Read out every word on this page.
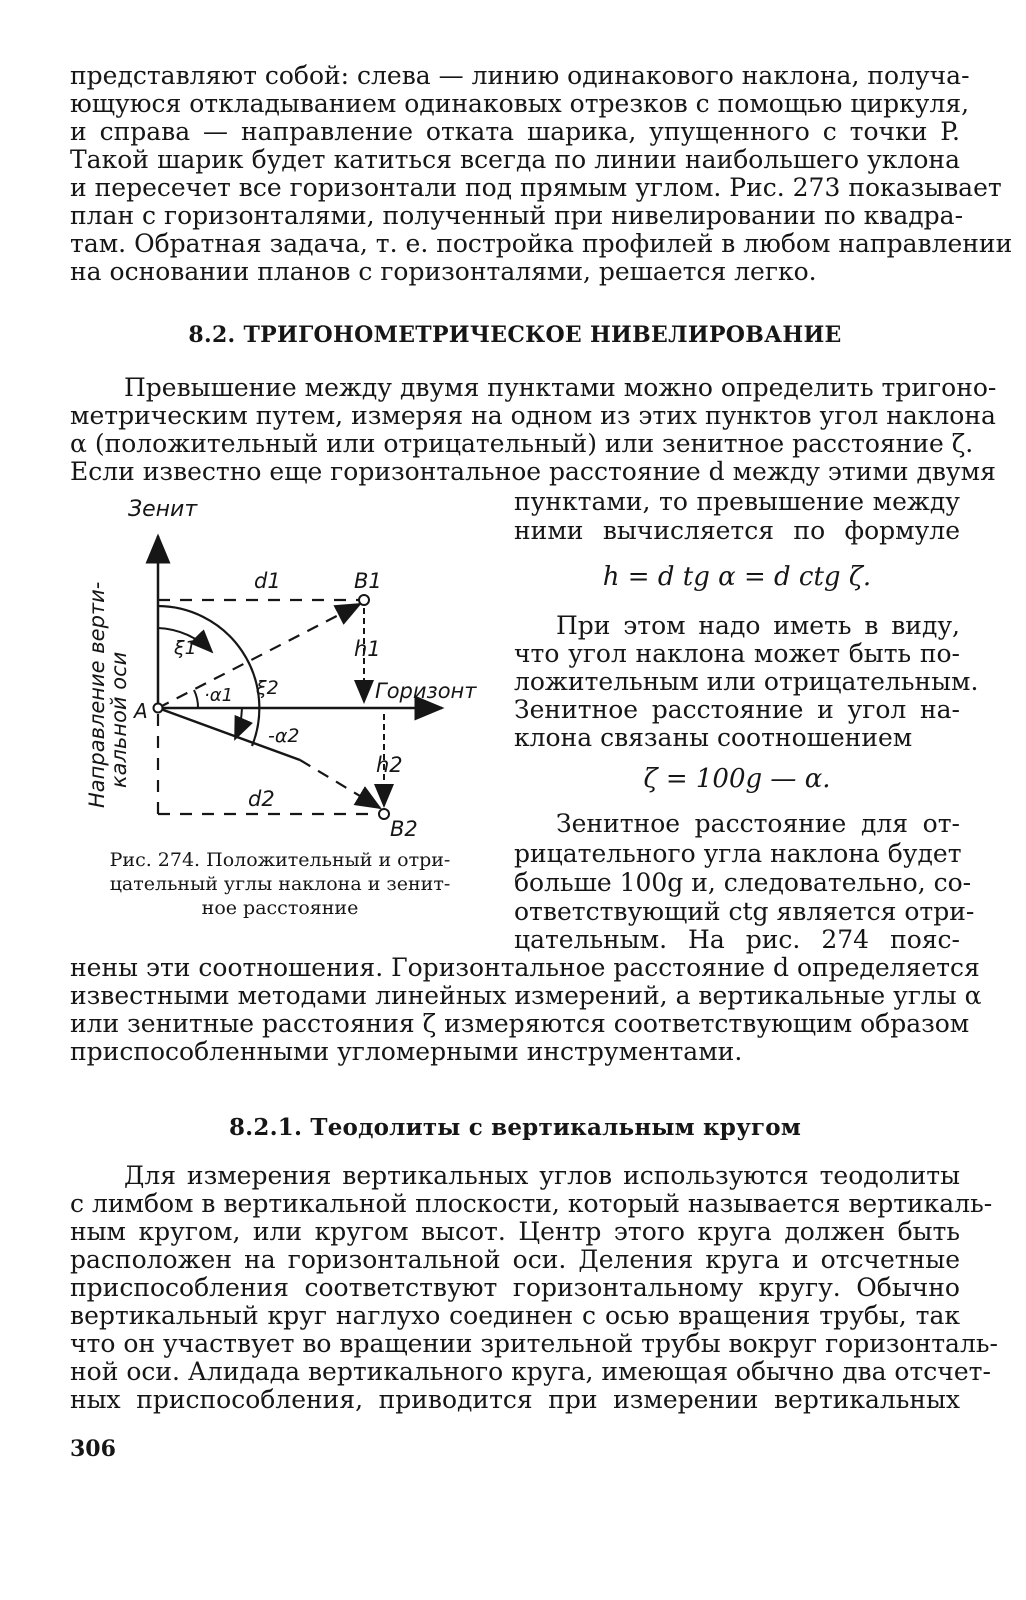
представляют собой: слева — линию одинакового наклона, получа-

ющуюся откладыванием одинаковых отрезков с помощью циркуля,

и справа — направление отката шарика, упущенного с точки P.

Такой шарик будет катиться всегда по линии наибольшего уклона

и пересечет все горизонтали под прямым углом. Рис. 273 показывает

план с горизонталями, полученный при нивелировании по квадра-

там. Обратная задача, т. е. постройка профилей в любом направлении

на основании планов с горизонталями, решается легко.

8.2. ТРИГОНОМЕТРИЧЕСКОЕ НИВЕЛИРОВАНИЕ

Превышение между двумя пунктами можно определить тригоно-

метрическим путем, измеряя на одном из этих пунктов угол наклона

α (положительный или отрицательный) или зенитное расстояние ζ.

Если известно еще горизонтальное расстояние d между этими двумя

пунктами, то превышение между

ними вычисляется по формуле

h = d tg α = d ctg ζ.

При этом надо иметь в виду,

что угол наклона может быть по-

ложительным или отрицательным.

Зенитное расстояние и угол на-

клона связаны соотношением

ζ = 100g — α.

Зенитное расстояние для от-

рицательного угла наклона будет

больше 100g и, следовательно, со-

ответствующий ctg является отри-

цательным. На рис. 274 пояс-

нены эти соотношения. Горизонтальное расстояние d определяется

известными методами линейных измерений, а вертикальные углы α

или зенитные расстояния ζ измеряются соответствующим образом

приспособленными угломерными инструментами.

Зенит
Горизонт
A
B1
B2
d1
d2
h1
h2
ξ1
ξ2
·α1
-α2
Направление верти-
кальной оси

Рис. 274. Положительный и отри-
цательный углы наклона и зенит-
ное расстояние

8.2.1. Теодолиты с вертикальным кругом

Для измерения вертикальных углов используются теодолиты

с лимбом в вертикальной плоскости, который называется вертикаль-

ным кругом, или кругом высот. Центр этого круга должен быть

расположен на горизонтальной оси. Деления круга и отсчетные

приспособления соответствуют горизонтальному кругу. Обычно

вертикальный круг наглухо соединен с осью вращения трубы, так

что он участвует во вращении зрительной трубы вокруг горизонталь-

ной оси. Алидада вертикального круга, имеющая обычно два отсчет-

ных приспособления, приводится при измерении вертикальных

306
